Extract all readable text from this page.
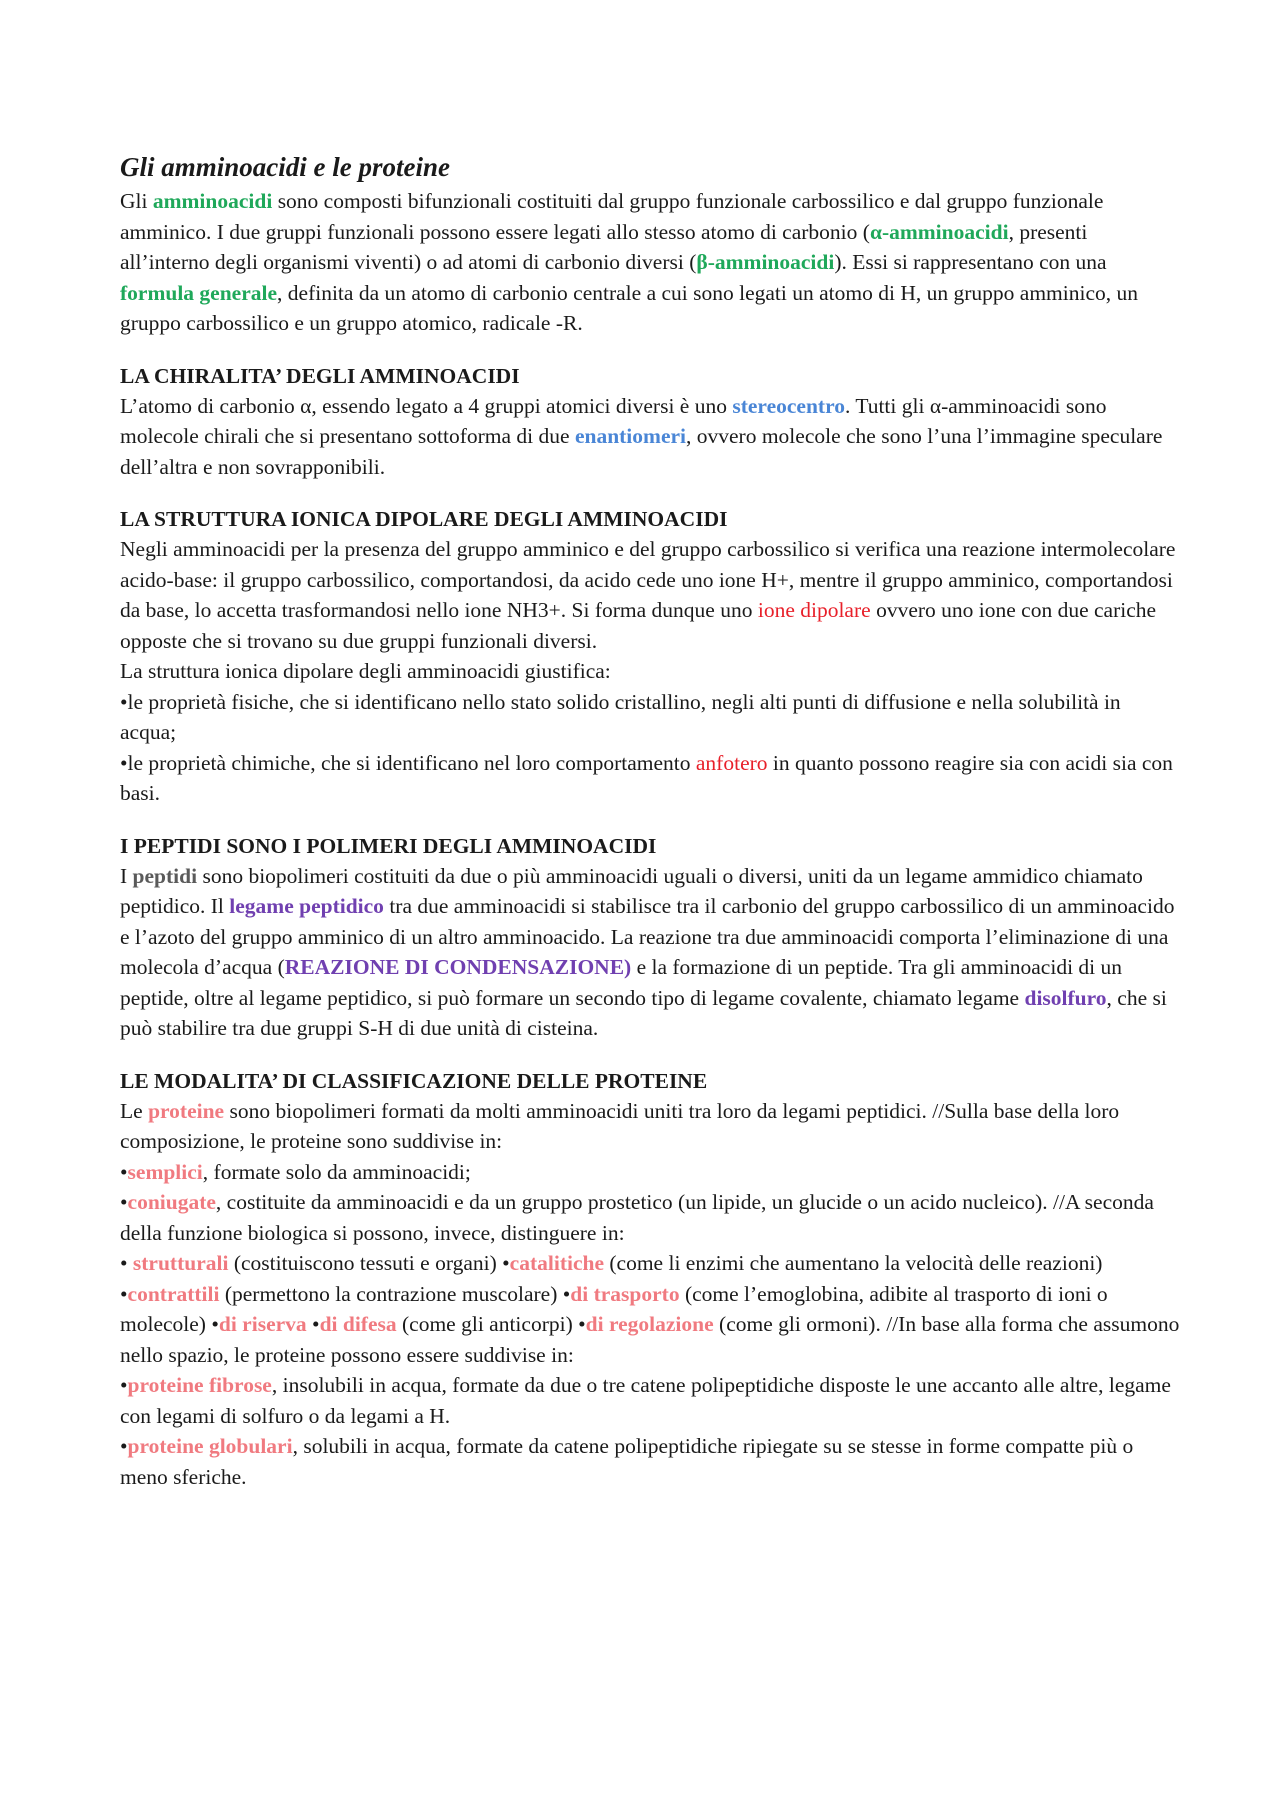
Gli amminoacidi e le proteine

Gli amminoacidi sono composti bifunzionali costituiti dal gruppo funzionale carbossilico e dal gruppo funzionale amminico. I due gruppi funzionali possono essere legati allo stesso atomo di carbonio (α-amminoacidi, presenti all’interno degli organismi viventi) o ad atomi di carbonio diversi (β-amminoacidi). Essi si rappresentano con una formula generale, definita da un atomo di carbonio centrale a cui sono legati un atomo di H, un gruppo amminico, un gruppo carbossilico e un gruppo atomico, radicale -R.

LA CHIRALITA’ DEGLI AMMINOACIDI

L’atomo di carbonio α, essendo legato a 4 gruppi atomici diversi è uno stereocentro. Tutti gli α-amminoacidi sono molecole chirali che si presentano sottoforma di due enantiomeri, ovvero molecole che sono l’una l’immagine speculare dell’altra e non sovrapponibili.

LA STRUTTURA IONICA DIPOLARE DEGLI AMMINOACIDI

Negli amminoacidi per la presenza del gruppo amminico e del gruppo carbossilico si verifica una reazione intermolecolare acido-base: il gruppo carbossilico, comportandosi, da acido cede uno ione H+, mentre il gruppo amminico, comportandosi da base, lo accetta trasformandosi nello ione NH3+. Si forma dunque uno ione dipolare ovvero uno ione con due cariche opposte che si trovano su due gruppi funzionali diversi.

La struttura ionica dipolare degli amminoacidi giustifica:

•le proprietà fisiche, che si identificano nello stato solido cristallino, negli alti punti di diffusione e nella solubilità in acqua;

•le proprietà chimiche, che si identificano nel loro comportamento anfotero in quanto possono reagire sia con acidi sia con basi.

I PEPTIDI SONO I POLIMERI DEGLI AMMINOACIDI

I peptidi sono biopolimeri costituiti da due o più amminoacidi uguali o diversi, uniti da un legame ammidico chiamato peptidico. Il legame peptidico tra due amminoacidi si stabilisce tra il carbonio del gruppo carbossilico di un amminoacido e l’azoto del gruppo amminico di un altro amminoacido. La reazione tra due amminoacidi comporta l’eliminazione di una molecola d’acqua (REAZIONE DI CONDENSAZIONE) e la formazione di un peptide. Tra gli amminoacidi di un peptide, oltre al legame peptidico, si può formare un secondo tipo di legame covalente, chiamato legame disolfuro, che si può stabilire tra due gruppi S-H di due unità di cisteina.

LE MODALITA’ DI CLASSIFICAZIONE DELLE PROTEINE

Le proteine sono biopolimeri formati da molti amminoacidi uniti tra loro da legami peptidici. //Sulla base della loro composizione, le proteine sono suddivise in:

•semplici, formate solo da amminoacidi;

•coniugate, costituite da amminoacidi e da un gruppo prostetico (un lipide, un glucide o un acido nucleico). //A seconda della funzione biologica si possono, invece, distinguere in:

• strutturali (costituiscono tessuti e organi) •catalitiche (come li enzimi che aumentano la velocità delle reazioni) •contrattili (permettono la contrazione muscolare) •di trasporto (come l’emoglobina, adibite al trasporto di ioni o molecole) •di riserva •di difesa (come gli anticorpi) •di regolazione (come gli ormoni). //In base alla forma che assumono nello spazio, le proteine possono essere suddivise in:

•proteine fibrose, insolubili in acqua, formate da due o tre catene polipeptidiche disposte le une accanto alle altre, legame con legami di solfuro o da legami a H.

•proteine globulari, solubili in acqua, formate da catene polipeptidiche ripiegate su se stesse in forme compatte più o meno sferiche.
